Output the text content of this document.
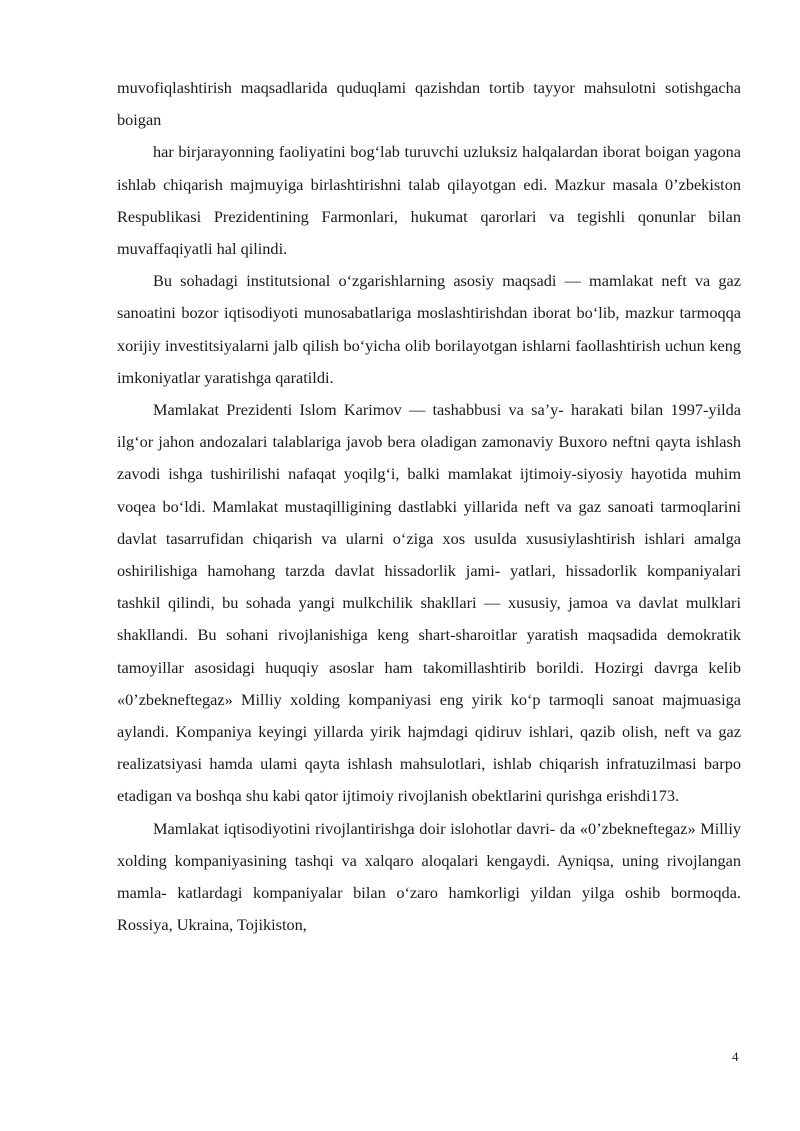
muvofiqlashtirish maqsadlarida quduqlami qazishdan tortib tayyor mahsulotni sotishgacha boigan

har birjarayonning faoliyatini bog‘lab turuvchi uzluksiz halqalardan iborat boigan yagona ishlab chiqarish majmuyiga birlashtirishni talab qilayotgan edi. Mazkur masala 0’zbekiston Respublikasi Prezidentining Farmonlari, hukumat qarorlari va tegishli qonunlar bilan muvaffaqiyatli hal qilindi.

Bu sohadagi institutsional o‘zgarishlarning asosiy maqsadi — mamlakat neft va gaz sanoatini bozor iqtisodiyoti munosabatlariga moslashtirishdan iborat bo‘lib, mazkur tarmoqqa xorijiy investitsiyalarni jalb qilish bo‘yicha olib borilayotgan ishlarni faollashtirish uchun keng imkoniyatlar yaratishga qaratildi.

Mamlakat Prezidenti Islom Karimov — tashabbusi va sa’y- harakati bilan 1997-yilda ilg‘or jahon andozalari talablariga javob bera oladigan zamonaviy Buxoro neftni qayta ishlash zavodi ishga tushirilishi nafaqat yoqilg‘i, balki mamlakat ijtimoiy-siyosiy hayotida muhim voqea bo‘ldi. Mamlakat mustaqilligining dastlabki yillarida neft va gaz sanoati tarmoqlarini davlat tasarrufidan chiqarish va ularni o‘ziga xos usulda xususiylashtirish ishlari amalga oshirilishiga hamohang tarzda davlat hissadorlik jami- yatlari, hissadorlik kompaniyalari tashkil qilindi, bu sohada yangi mulkchilik shakllari — xususiy, jamoa va davlat mulklari shakllandi. Bu sohani rivojlanishiga keng shart-sharoitlar yaratish maqsadida demokratik tamoyillar asosidagi huquqiy asoslar ham takomillashtirib borildi. Hozirgi davrga kelib «0’zbekneftegaz» Milliy xolding kompaniyasi eng yirik ko‘p tarmoqli sanoat majmuasiga aylandi. Kompaniya keyingi yillarda yirik hajmdagi qidiruv ishlari, qazib olish, neft va gaz realizatsiyasi hamda ulami qayta ishlash mahsulotlari, ishlab chiqarish infratuzilmasi barpo etadigan va boshqa shu kabi qator ijtimoiy rivojlanish obektlarini qurishga erishdi173.

Mamlakat iqtisodiyotini rivojlantirishga doir islohotlar davri- da «0’zbekneftegaz» Milliy xolding kompaniyasining tashqi va xalqaro aloqalari kengaydi. Ayniqsa, uning rivojlangan mamla- katlardagi kompaniyalar bilan o‘zaro hamkorligi yildan yilga oshib bormoqda. Rossiya, Ukraina, Tojikiston,

4
